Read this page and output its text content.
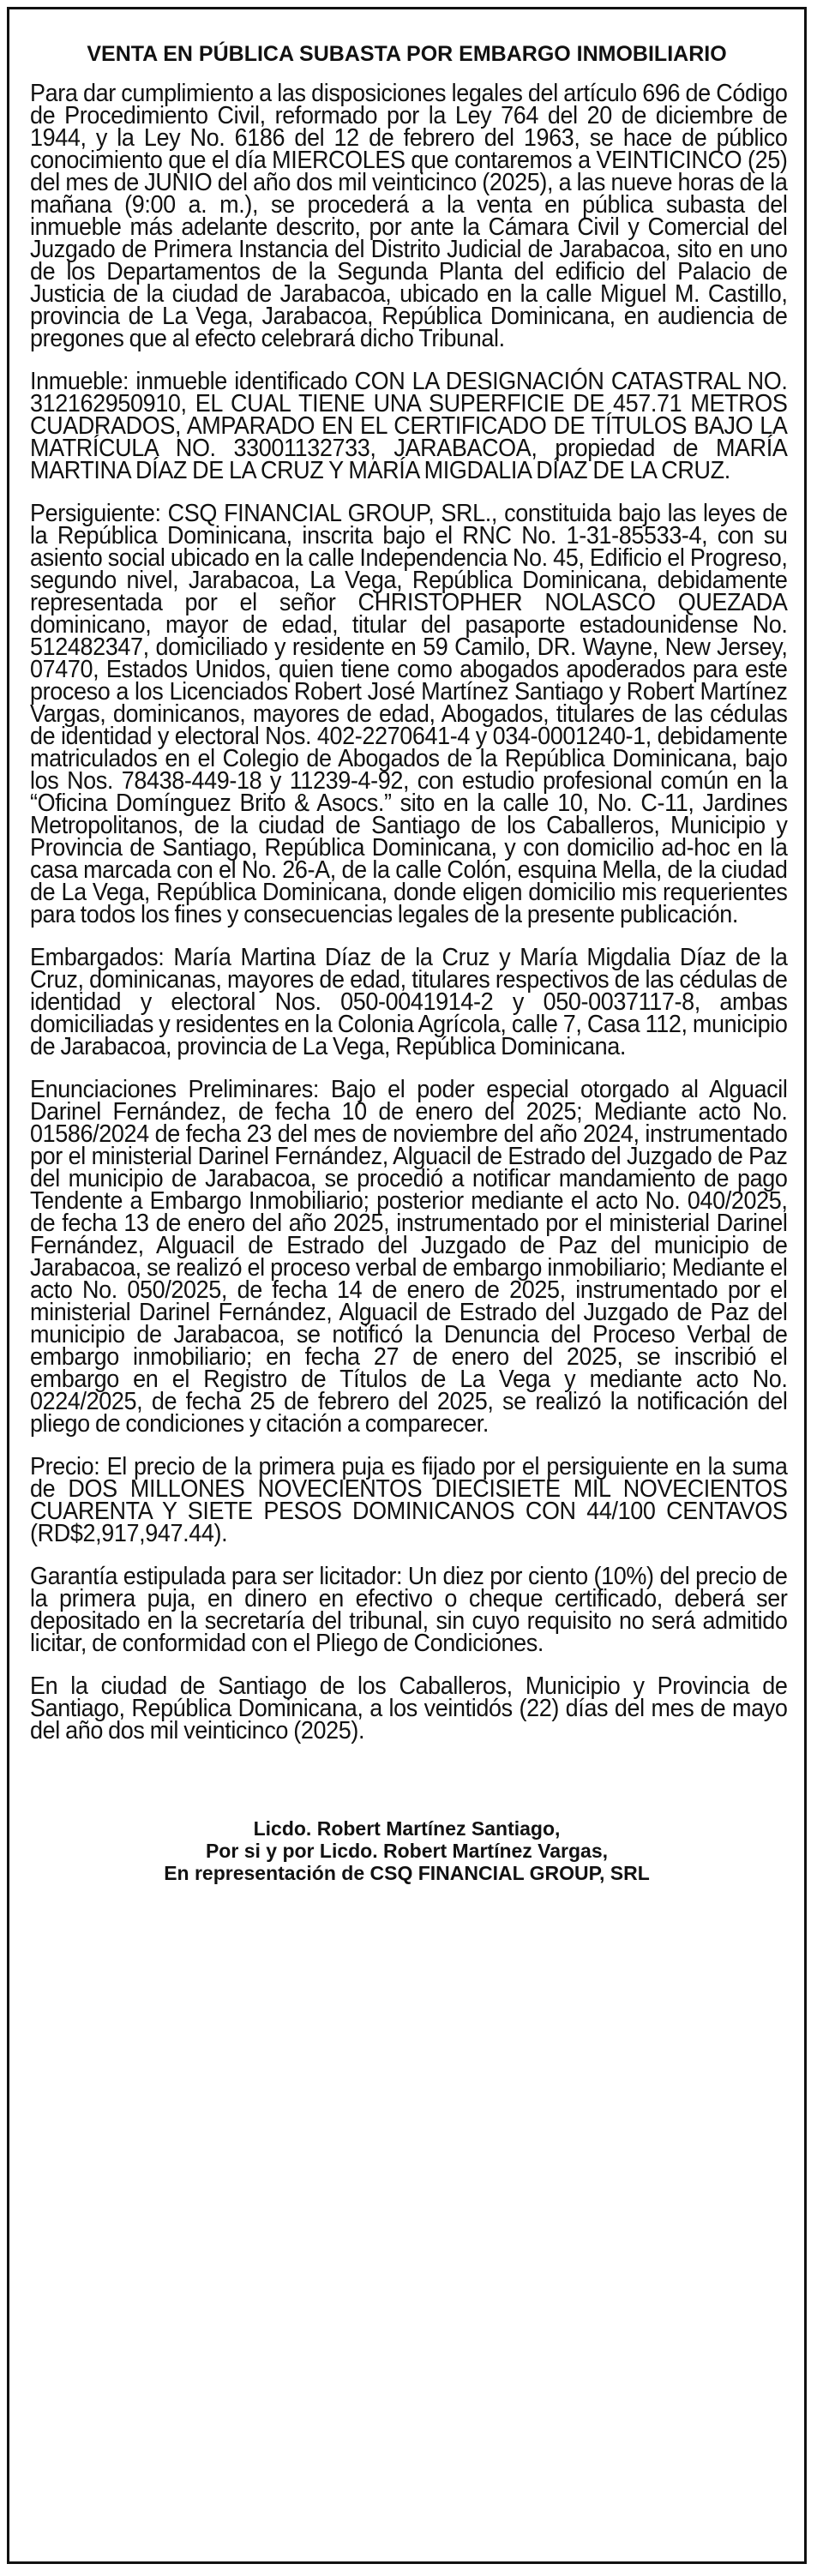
VENTA EN PÚBLICA SUBASTA POR EMBARGO INMOBILIARIO

Para dar cumplimiento a las disposiciones legales del artículo 696 de Código de Procedimiento Civil, reformado por la Ley 764 del 20 de diciembre de 1944, y la Ley No. 6186 del 12 de febrero del 1963, se hace de público conocimiento que el día MIERCOLES que contaremos a VEINTICINCO (25) del mes de JUNIO del año dos mil veinticinco (2025), a las nueve horas de la mañana (9:00 a. m.), se procederá a la venta en pública subasta del inmueble más adelante descrito, por ante la Cámara Civil y Comercial del Juzgado de Primera Instancia del Distrito Judicial de Jarabacoa, sito en uno de los Departamentos de la Segunda Planta del edificio del Palacio de Justicia de la ciudad de Jarabacoa, ubicado en la calle Miguel M. Castillo, provincia de La Vega, Jarabacoa, República Dominicana, en audiencia de pregones que al efecto celebrará dicho Tribunal.

Inmueble: inmueble identificado CON LA DESIGNACIÓN CATASTRAL NO. 312162950910, EL CUAL TIENE UNA SUPERFICIE DE 457.71 METROS CUADRADOS, AMPARADO EN EL CERTIFICADO DE TÍTULOS BAJO LA MATRÍCULA NO. 33001132733, JARABACOA, propiedad de MARÍA MARTINA DÍAZ DE LA CRUZ Y MARÍA MIGDALIA DÍAZ DE LA CRUZ.

Persiguiente: CSQ FINANCIAL GROUP, SRL., constituida bajo las leyes de la República Dominicana, inscrita bajo el RNC No. 1-31-85533-4, con su asiento social ubicado en la calle Independencia No. 45, Edificio el Progreso, segundo nivel, Jarabacoa, La Vega, República Dominicana, debidamente representada por el señor CHRISTOPHER NOLASCO QUEZADA dominicano, mayor de edad, titular del pasaporte estadounidense No. 512482347, domiciliado y residente en 59 Camilo, DR. Wayne, New Jersey, 07470, Estados Unidos, quien tiene como abogados apoderados para este proceso a los Licenciados Robert José Martínez Santiago y Robert Martínez Vargas, dominicanos, mayores de edad, Abogados, titulares de las cédulas de identidad y electoral Nos. 402-2270641-4 y 034-0001240-1, debidamente matriculados en el Colegio de Abogados de la República Dominicana, bajo los Nos. 78438-449-18 y 11239-4-92, con estudio profesional común en la “Oficina Domínguez Brito & Asocs.” sito en la calle 10, No. C-11, Jardines Metropolitanos, de la ciudad de Santiago de los Caballeros, Municipio y Provincia de Santiago, República Dominicana, y con domicilio ad-hoc en la casa marcada con el No. 26-A, de la calle Colón, esquina Mella, de la ciudad de La Vega, República Dominicana, donde eligen domicilio mis requerientes para todos los fines y consecuencias legales de la presente publicación.

Embargados: María Martina Díaz de la Cruz y María Migdalia Díaz de la Cruz, dominicanas, mayores de edad, titulares respectivos de las cédulas de identidad y electoral Nos. 050-0041914-2 y 050-0037117-8, ambas domiciliadas y residentes en la Colonia Agrícola, calle 7, Casa 112, municipio de Jarabacoa, provincia de La Vega, República Dominicana.

Enunciaciones Preliminares: Bajo el poder especial otorgado al Alguacil Darinel Fernández, de fecha 10 de enero del 2025; Mediante acto No. 01586/2024 de fecha 23 del mes de noviembre del año 2024, instrumentado por el ministerial Darinel Fernández, Alguacil de Estrado del Juzgado de Paz del municipio de Jarabacoa, se procedió a notificar mandamiento de pago Tendente a Embargo Inmobiliario; posterior mediante el acto No. 040/2025, de fecha 13 de enero del año 2025, instrumentado por el ministerial Darinel Fernández, Alguacil de Estrado del Juzgado de Paz del municipio de Jarabacoa, se realizó el proceso verbal de embargo inmobiliario; Mediante el acto No. 050/2025, de fecha 14 de enero de 2025, instrumentado por el ministerial Darinel Fernández, Alguacil de Estrado del Juzgado de Paz del municipio de Jarabacoa, se notificó la Denuncia del Proceso Verbal de embargo inmobiliario; en fecha 27 de enero del 2025, se inscribió el embargo en el Registro de Títulos de La Vega y mediante acto No. 0224/2025, de fecha 25 de febrero del 2025, se realizó la notificación del pliego de condiciones y citación a comparecer.

Precio: El precio de la primera puja es fijado por el persiguiente en la suma de DOS MILLONES NOVECIENTOS DIECISIETE MIL NOVECIENTOS CUARENTA Y SIETE PESOS DOMINICANOS CON 44/100 CENTAVOS (RD$2,917,947.44).

Garantía estipulada para ser licitador: Un diez por ciento (10%) del precio de la primera puja, en dinero en efectivo o cheque certificado, deberá ser depositado en la secretaría del tribunal, sin cuyo requisito no será admitido licitar, de conformidad con el Pliego de Condiciones.

En la ciudad de Santiago de los Caballeros, Municipio y Provincia de Santiago, República Dominicana, a los veintidós (22) días del mes de mayo del año dos mil veinticinco (2025).

Licdo. Robert Martínez Santiago,
Por si y por Licdo. Robert Martínez Vargas,
En representación de CSQ FINANCIAL GROUP, SRL
